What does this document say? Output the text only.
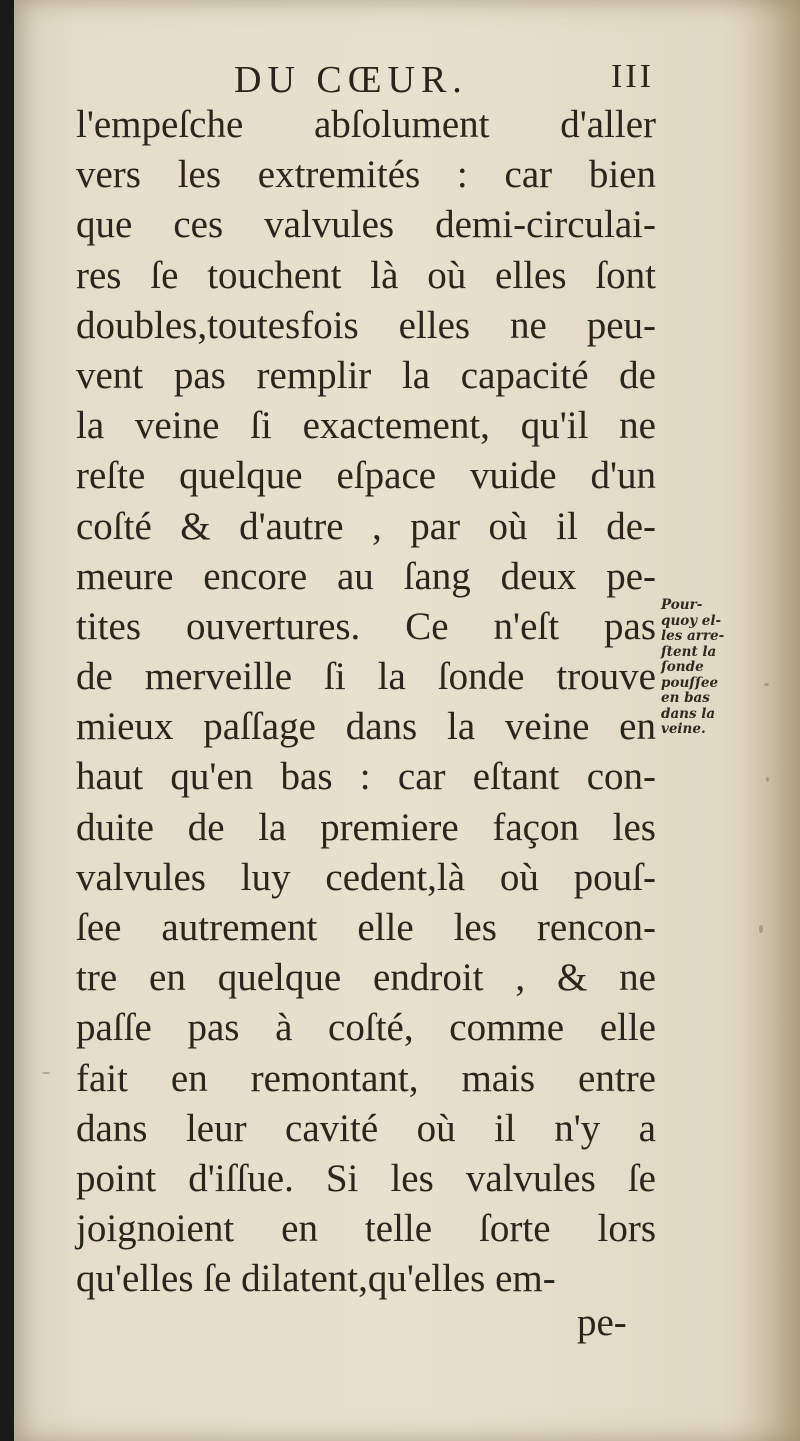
DU CŒUR.	III
l'empeſche abſolument d'aller
vers les extremités : car bien
que ces valvules demi-circulai-
res ſe touchent là où elles ſont
doubles,toutesfois elles ne peu-
vent pas remplir la capacité de
la veine ſi exactement, qu'il ne
reſte quelque eſpace vuide d'un
coſté & d'autre , par où il de-
meure encore au ſang deux pe-
tites ouvertures. Ce n'eſt pas
de merveille ſi la ſonde trouve
mieux paſſage dans la veine en
haut qu'en bas : car eſtant con-
duite de la premiere façon les
valvules luy cedent,là où pouſ-
ſee autrement elle les rencon-
tre en quelque endroit , & ne
paſſe pas à coſté, comme elle
fait en remontant, mais entre
dans leur cavité où il n'y a
point d'iſſue. Si les valvules ſe
joignoient en telle ſorte lors
qu'elles ſe dilatent,qu'elles em-
pe-
Pour-
quoy el-
les arre-
ſtent la
ſonde
pouſſee
en bas
dans la
veine.
